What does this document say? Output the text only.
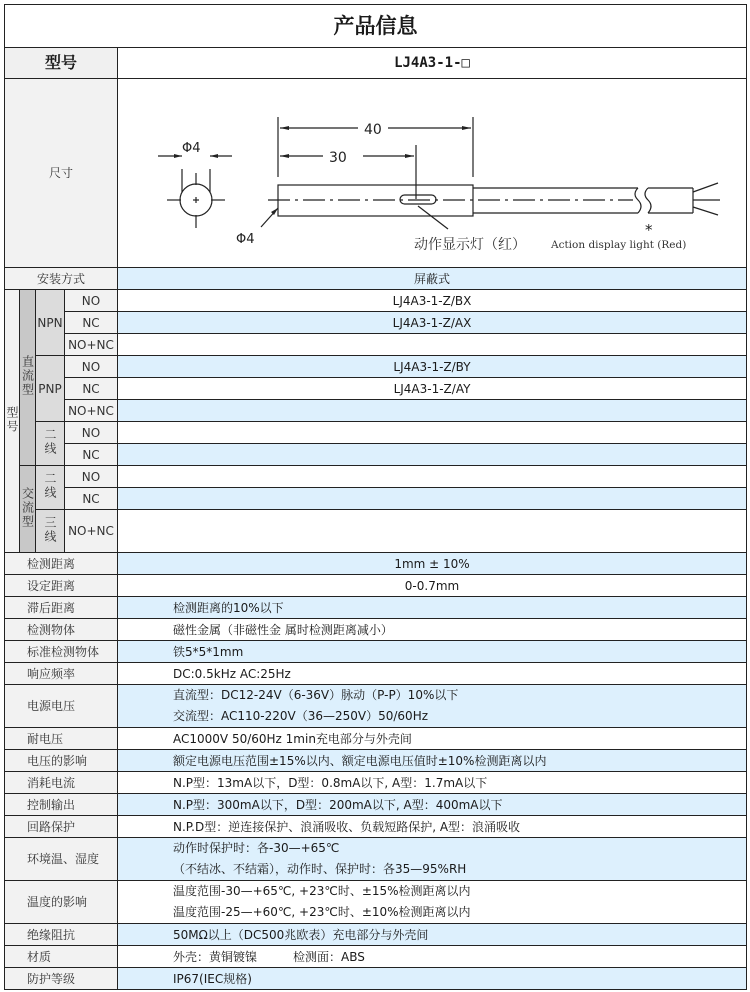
产品信息				
型号				LJ4A3-1-□
尺寸	
Φ4
Φ4
40
30
*
动作显示灯（红） Action display light (Red)

安装方式				屏蔽式
型号	直流型	NPN	NO	LJ4A3-1-Z/BX
			NC	LJ4A3-1-Z/AX
			NO+NC	
		PNP	NO	LJ4A3-1-Z/BY
			NC	LJ4A3-1-Z/AY
			NO+NC	
		二线	NO	
			NC	
	交流型	二线	NO	
			NC	
		三线	NO+NC	
检测距离				1mm ± 10%
设定距离				0-0.7mm
滞后距离				检测距离的10%以下
检测物体				磁性金属（非磁性金 属时检测距离减小）
标准检测物体				铁5*5*1mm
响应频率				DC:0.5kHz AC:25Hz
电源电压				直流型：DC12-24V（6-36V）脉动（P-P）10%以下
交流型：AC110-220V（36—250V）50/60Hz

耐电压				AC1000V 50/60Hz 1min充电部分与外壳间
电压的影响				额定电源电压范围±15%以内、额定电源电压值时±10%检测距离以内
消耗电流				N.P型：13mA以下，D型：0.8mA以下, A型：1.7mA以下
控制输出				N.P型：300mA以下，D型：200mA以下, A型：400mA以下
回路保护				N.P.D型：逆连接保护、浪涌吸收、负载短路保护, A型：浪涌吸收
环境温、湿度				动作时保护时：各-30—+65℃
（不结冰、不结霜），动作时、保护时：各35—95%RH

温度的影响				温度范围-30—+65℃, +23℃时、±15%检测距离以内
温度范围-25—+60℃, +23℃时、±10%检测距离以内

绝缘阻抗				50MΩ以上（DC500兆欧表）充电部分与外壳间
材质				外壳：黄铜镀镍　　　检测面：ABS
防护等级				IP67(IEC规格)
